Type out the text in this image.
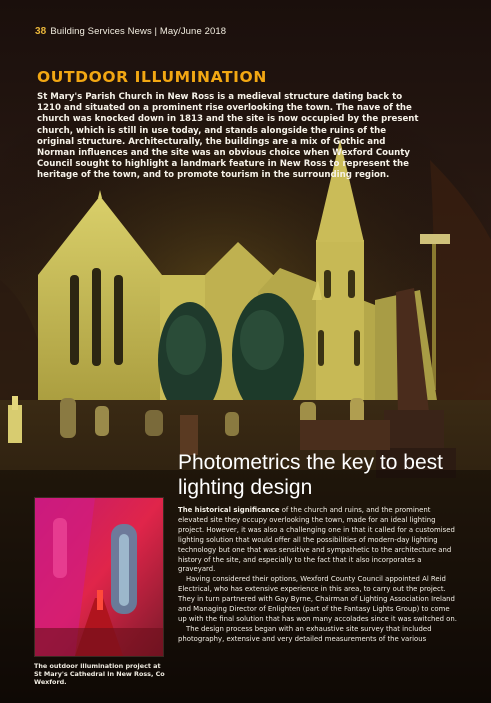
38 Building Services News | May/June 2018
OUTDOOR ILLUMINATION
St Mary's Parish Church in New Ross is a medieval structure dating back to 1210 and situated on a prominent rise overlooking the town. The nave of the church was knocked down in 1813 and the site is now occupied by the present church, which is still in use today, and stands alongside the ruins of the original structure. Architecturally, the buildings are a mix of Gothic and Norman influences and the site was an obvious choice when Wexford County Council sought to highlight a landmark feature in New Ross to represent the heritage of the town, and to promote tourism in the surrounding region.
Photometrics the key to best lighting design
The outdoor illumination project at St Mary's Cathedral in New Ross, Co Wexford.

The historical significance of the church and ruins, and the prominent elevated site they occupy overlooking the town, made for an ideal lighting project. However, it was also a challenging one in that it called for a customised lighting solution that would offer all the possibilities of modern-day lighting technology but one that was sensitive and sympathetic to the architecture and history of the site, and especially to the fact that it also incorporates a graveyard.

Having considered their options, Wexford County Council appointed Al Reid Electrical, who has extensive experience in this area, to carry out the project. They in turn partnered with Gay Byrne, Chairman of Lighting Association Ireland and Managing Director of Enlighten (part of the Fantasy Lights Group) to come up with the final solution that has won many accolades since it was switched on.

The design process began with an exhaustive site survey that included photography, extensive and very detailed measurements of the various
